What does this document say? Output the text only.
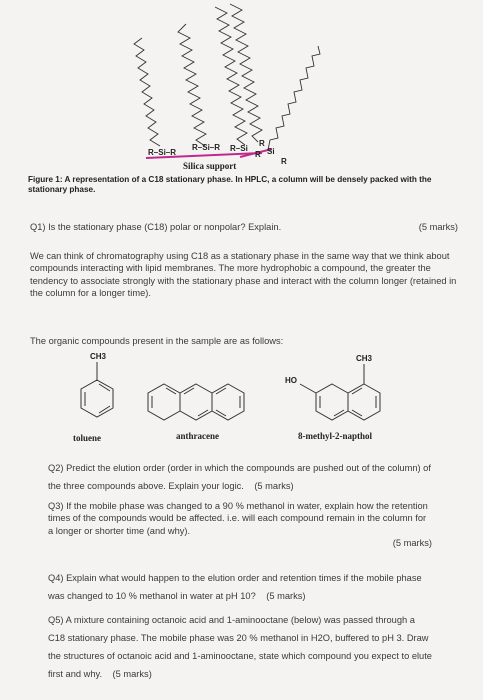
R–Si–R
R–Si–R R–Si
R
R Si
R
Silica support
Figure 1: A representation of a C18 stationary phase. In HPLC, a column will be densely packed with the stationary phase.
Q1) Is the stationary phase (C18) polar or nonpolar? Explain.	(5 marks)
We can think of chromatography using C18 as a stationary phase in the same way that we think about compounds interacting with lipid membranes. The more hydrophobic a compound, the greater the tendency to associate strongly with the stationary phase and interact with the column longer (retained in the column for a longer time).
The organic compounds present in the sample are as follows:
CH3	CH3
HO
toluene	anthracene	8-methyl-2-napthol
Q2) Predict the elution order (order in which the compounds are pushed out of the column) of the three compounds above. Explain your logic. (5 marks)
Q3) If the mobile phase was changed to a 90 % methanol in water, explain how the retention times of the compounds would be affected. i.e. will each compound remain in the column for a longer or shorter time (and why).
(5 marks)
Q4) Explain what would happen to the elution order and retention times if the mobile phase was changed to 10 % methanol in water at pH 10? (5 marks)
Q5) A mixture containing octanoic acid and 1-aminooctane (below) was passed through a C18 stationary phase. The mobile phase was 20 % methanol in H2O, buffered to pH 3. Draw the structures of octanoic acid and 1-aminooctane, state which compound you expect to elute first and why. (5 marks)
